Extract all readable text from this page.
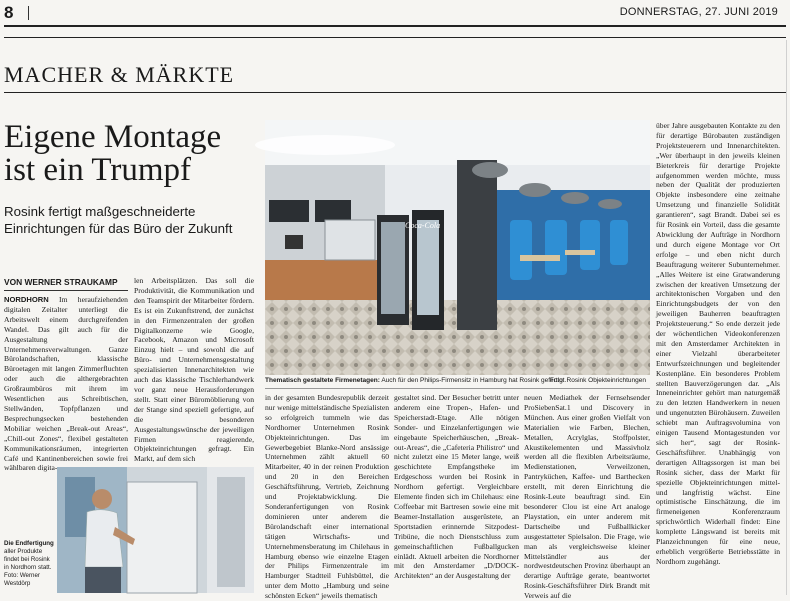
8	DONNERSTAG, 27. JUNI 2019
MACHER & MÄRKTE
Eigene Montage
ist ein Trumpf
Rosink fertigt maßgeschneiderte
Einrichtungen für das Büro der Zukunft
VON WERNER STRAUKAMP
NORDHORN Im heraufziehenden digitalen Zeitalter unterliegt die Arbeitswelt einem durchgreifenden Wandel. Das gilt auch für die Ausgestaltung der Unternehmensverwaltungen. Ganze Bürolandschaften, klassische Büroetagen mit langen Zimmerfluchten oder auch die althergebrachten Großraumbüros mit ihrem im Wesentlichen aus Schreibtischen, Stellwänden, Topfpflanzen und Besprechungsecken bestehenden Mobiliar weichen „Break-out Areas“, „Chill-out Zones“, flexibel gestalteten Kommunikationsräumen, integrierten Café und Kantinenbereichen sowie frei wählbaren digita-
len Arbeitsplätzen. Das soll die Produktivität, die Kommunikation und den Teamspirit der Mitarbeiter fördern. Es ist ein Zukunftstrend, der zunächst in den Firmenzentralen der großen Digitalkonzerne wie Google, Facebook, Amazon und Microsoft Einzug hielt – und sowohl die auf Büro- und Unternehmensgestaltung spezialisierten Innenarchitekten wie auch das klassische Tischlerhandwerk vor ganz neue Herausforderungen stellt. Statt einer Büromöblierung von der Stange sind speziell gefertigte, auf die besonderen Ausgestaltungswünsche der jeweiligen Firmen reagierende, Objekteinrichtungen gefragt. Ein Markt, auf dem sich
Die Endfertigung aller Produkte findet bei Rosink in Nordhorn statt.
Foto: Werner Westdörp
Coca-Cola
Thematisch gestaltete Firmenetagen: Auch für den Philips-Firmensitz in Hamburg hat Rosink gefertigt.
Foto: Rosink Objekteinrichtungen
in der gesamten Bundesrepublik derzeit nur wenige mittelständische Spezialisten so erfolgreich tummeln wie das Nordhorner Unternehmen Rosink Objekteinrichtungen. Das im Gewerbegebiet Blanke-Nord ansässige Unternehmen zählt aktuell 60 Mitarbeiter, 40 in der reinen Produktion und 20 in den Bereichen Geschäftsführung, Vertrieb, Zeichnung und Projektabwicklung. Die Sonderanfertigungen von Rosink dominieren unter anderem die Bürolandschaft einer international tätigen Wirtschafts- und Unternehmensberatung im Chilehaus in Hamburg ebenso wie einzelne Etagen der Philips Firmenzentrale im Hamburger Stadtteil Fuhlsbüttel, die unter dem Motto „Hamburg und seine schönsten Ecken“ jeweils thematisch
gestaltet sind. Der Besucher betritt unter anderem eine Tropen-, Hafen- und Speicherstadt-Etage. Alle nötigen Sonder- und Einzelanfertigungen wie eingebaute Speicherhäuschen, „Break-out-Areas“, die „Cafeteria Philistro“ und nicht zuletzt eine 15 Meter lange, weiß geschichtete Empfangstheke im Erdgeschoss wurden bei Rosink in Nordhorn gefertigt. Vergleichbare Elemente finden sich im Chilehaus: eine Coffeebar mit Bartresen sowie eine mit Beamer-Installation ausgerüstete, an Sportstadien erinnernde Sitzpodest-Tribüne, die noch Dienstschluss zum gemeinschaftlichen Fußballgucken einlädt. Aktuell arbeiten die Nordhorner mit den Amsterdamer „D/DOCK-Architekten“ an der Ausgestaltung der
neuen Mediathek der Fernsehsender ProSiebenSat.1 und Discovery in München. Aus einer großen Vielfalt von Materialien wie Farben, Blechen, Metallen, Acrylglas, Stoffpolster, Akustikelementen und Massivholz werden all die flexiblen Arbeitsräume, Medienstationen, Verweilzonen, Pantryküchen, Kaffee- und Barthecken erstellt, mit deren Einrichtung die Rosink-Leute beauftragt sind. Ein besonderer Clou ist eine Art analoge Playstation, ein unter anderem mit Dartscheibe und Fußballkicker ausgestatteter Spielsalon. Die Frage, wie man als vergleichsweise kleiner Mittelständler aus der nordwestdeutschen Provinz überhaupt an derartige Aufträge gerate, beantwortet Rosink-Geschäftsführer Dirk Brandt mit Verweis auf die
über Jahre ausgebauten Kontakte zu den für derartige Bürobauten zuständigen Projektsteuerern und Innenarchitekten. „Wer überhaupt in den jeweils kleinen Bieterkreis für derartige Projekte aufgenommen werden möchte, muss neben der Qualität der produzierten Objekte insbesondere eine zeitnahe Umsetzung und finanzielle Solidität garantieren“, sagt Brandt. Dabei sei es für Rosink ein Vorteil, dass die gesamte Abwicklung der Aufträge in Nordhorn und durch eigene Montage vor Ort erfolge – und eben nicht durch Beauftragung weiterer Subunternehmer. „Alles Weitere ist eine Gratwanderung zwischen der kreativen Umsetzung der architektonischen Vorgaben und den Einrichtungsbudgets der von den jeweiligen Bauherren beauftragten Projektsteuerung.“ So ende derzeit jede der wöchentlichen Videokonferenzen mit den Amsterdamer Architekten in einer Vielzahl überarbeiteter Entwurfszeichnungen und begleitender Kostenpläne. Ein besonderes Problem stellten Bauverzögerungen dar. „Als Inneneinrichter gehört man naturgemäß zu den letzten Handwerkern in neuen und ungenutzten Bürohäusern. Zuweilen schiebt man Auftragsvolumina von einigen Tausend Montagestunden vor sich her“, sagt der Rosink-Geschäftsführer. Unabhängig von derartigen Alltagssorgen ist man bei Rosink sicher, dass der Markt für spezielle Objekteinrichtungen mittel- und langfristig wächst. Eine optimistische Einschätzung, die im firmeneigenen Konferenzraum sprichwörtlich Widerhall findet: Eine komplette Längswand ist bereits mit Planzeichnungen für eine neue, erheblich vergrößerte Betriebsstätte in Nordhorn zugehängt.
